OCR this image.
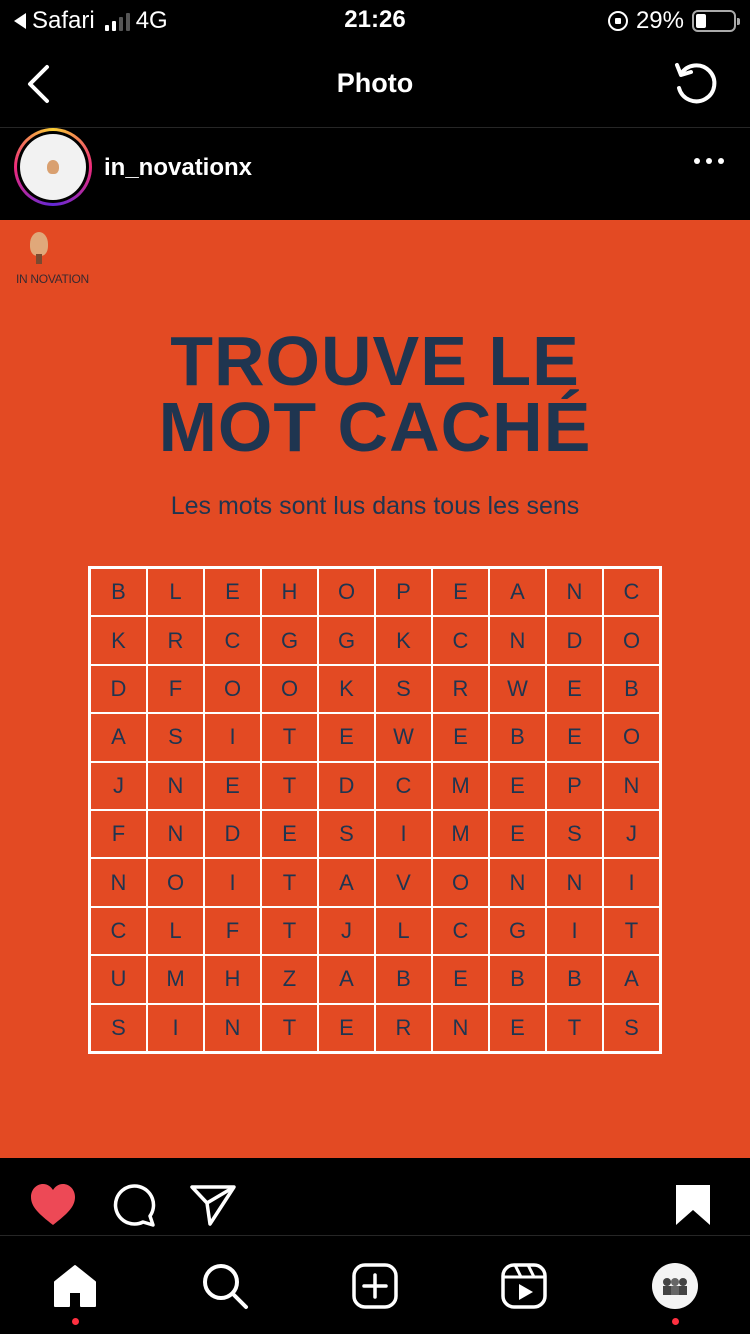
Safari 4G	21:26	29%
Photo
in_novationx
IN NOVATION
TROUVE LE
MOT CACHÉ
Les mots sont lus dans tous les sens
B	L	E	H	O	P	E	A	N	C
K	R	C	G	G	K	C	N	D	O
D	F	O	O	K	S	R	W	E	B
A	S	I	T	E	W	E	B	E	O
J	N	E	T	D	C	M	E	P	N
F	N	D	E	S	I	M	E	S	J
N	O	I	T	A	V	O	N	N	I
C	L	F	T	J	L	C	G	I	T
U	M	H	Z	A	B	E	B	B	A
S	I	N	T	E	R	N	E	T	S
